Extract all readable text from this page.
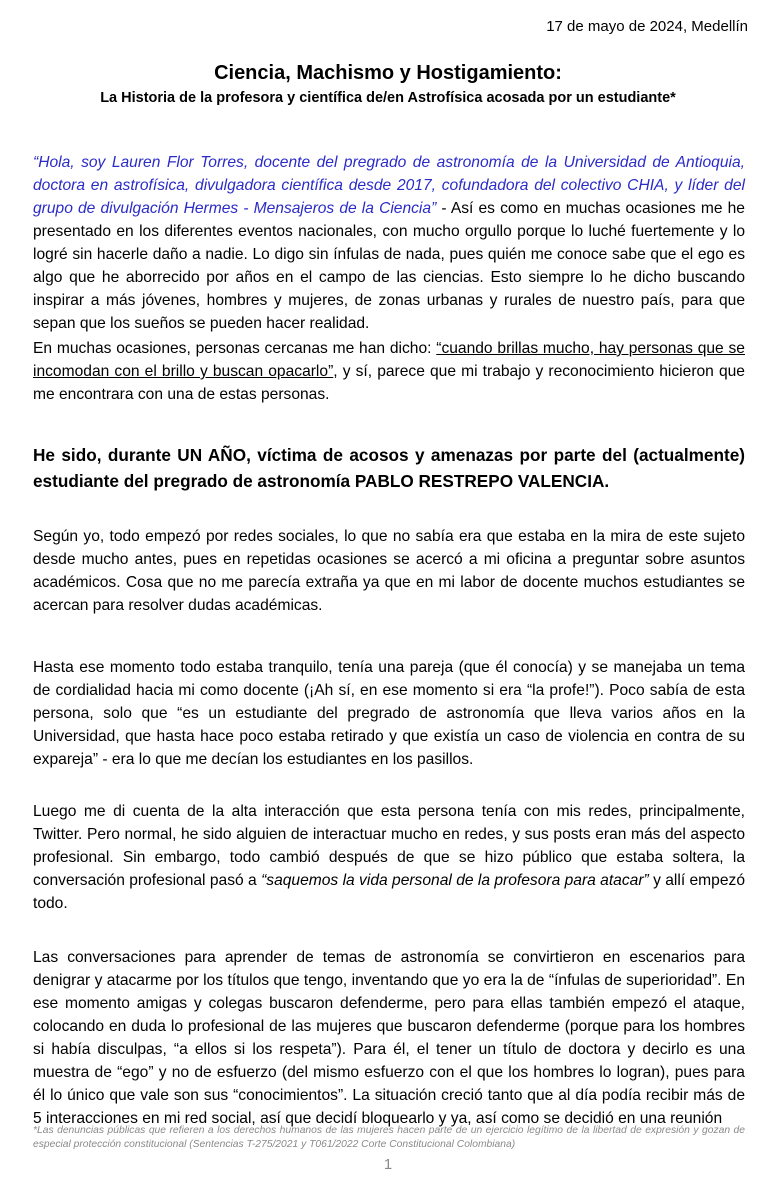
17 de mayo de 2024, Medellín
Ciencia, Machismo y Hostigamiento:
La Historia de la profesora y científica de/en Astrofísica acosada por un estudiante*
“Hola, soy Lauren Flor Torres, docente del pregrado de astronomía de la Universidad de Antioquia, doctora en astrofísica, divulgadora científica desde 2017, cofundadora del colectivo CHIA, y líder del grupo de divulgación Hermes - Mensajeros de la Ciencia” - Así es como en muchas ocasiones me he presentado en los diferentes eventos nacionales, con mucho orgullo porque lo luché fuertemente y lo logré sin hacerle daño a nadie. Lo digo sin ínfulas de nada, pues quién me conoce sabe que el ego es algo que he aborrecido por años en el campo de las ciencias. Esto siempre lo he dicho buscando inspirar a más jóvenes, hombres y mujeres, de zonas urbanas y rurales de nuestro país, para que sepan que los sueños se pueden hacer realidad.
En muchas ocasiones, personas cercanas me han dicho: “cuando brillas mucho, hay personas que se incomodan con el brillo y buscan opacarlo”, y sí, parece que mi trabajo y reconocimiento hicieron que me encontrara con una de estas personas.
He sido, durante UN AÑO, víctima de acosos y amenazas por parte del (actualmente) estudiante del pregrado de astronomía PABLO RESTREPO VALENCIA.
Según yo, todo empezó por redes sociales, lo que no sabía era que estaba en la mira de este sujeto desde mucho antes, pues en repetidas ocasiones se acercó a mi oficina a preguntar sobre asuntos académicos. Cosa que no me parecía extraña ya que en mi labor de docente muchos estudiantes se acercan para resolver dudas académicas.
Hasta ese momento todo estaba tranquilo, tenía una pareja (que él conocía) y se manejaba un tema de cordialidad hacia mi como docente (¡Ah sí, en ese momento si era “la profe!”). Poco sabía de esta persona, solo que “es un estudiante del pregrado de astronomía que lleva varios años en la Universidad, que hasta hace poco estaba retirado y que existía un caso de violencia en contra de su expareja” - era lo que me decían los estudiantes en los pasillos.
Luego me di cuenta de la alta interacción que esta persona tenía con mis redes, principalmente, Twitter. Pero normal, he sido alguien de interactuar mucho en redes, y sus posts eran más del aspecto profesional. Sin embargo, todo cambió después de que se hizo público que estaba soltera, la conversación profesional pasó a “saquemos la vida personal de la profesora para atacar” y allí empezó todo.
Las conversaciones para aprender de temas de astronomía se convirtieron en escenarios para denigrar y atacarme por los títulos que tengo, inventando que yo era la de “ínfulas de superioridad”. En ese momento amigas y colegas buscaron defenderme, pero para ellas también empezó el ataque, colocando en duda lo profesional de las mujeres que buscaron defenderme (porque para los hombres si había disculpas, “a ellos si los respeta”). Para él, el tener un título de doctora y decirlo es una muestra de “ego” y no de esfuerzo (del mismo esfuerzo con el que los hombres lo logran), pues para él lo único que vale son sus “conocimientos”. La situación creció tanto que al día podía recibir más de 5 interacciones en mi red social, así que decidí bloquearlo y ya, así como se decidió en una reunión
*Las denuncias públicas que refieren a los derechos humanos de las mujeres hacen parte de un ejercicio legítimo de la libertad de expresión y gozan de especial protección constitucional (Sentencias T-275/2021 y T061/2022 Corte Constitucional Colombiana)
1
